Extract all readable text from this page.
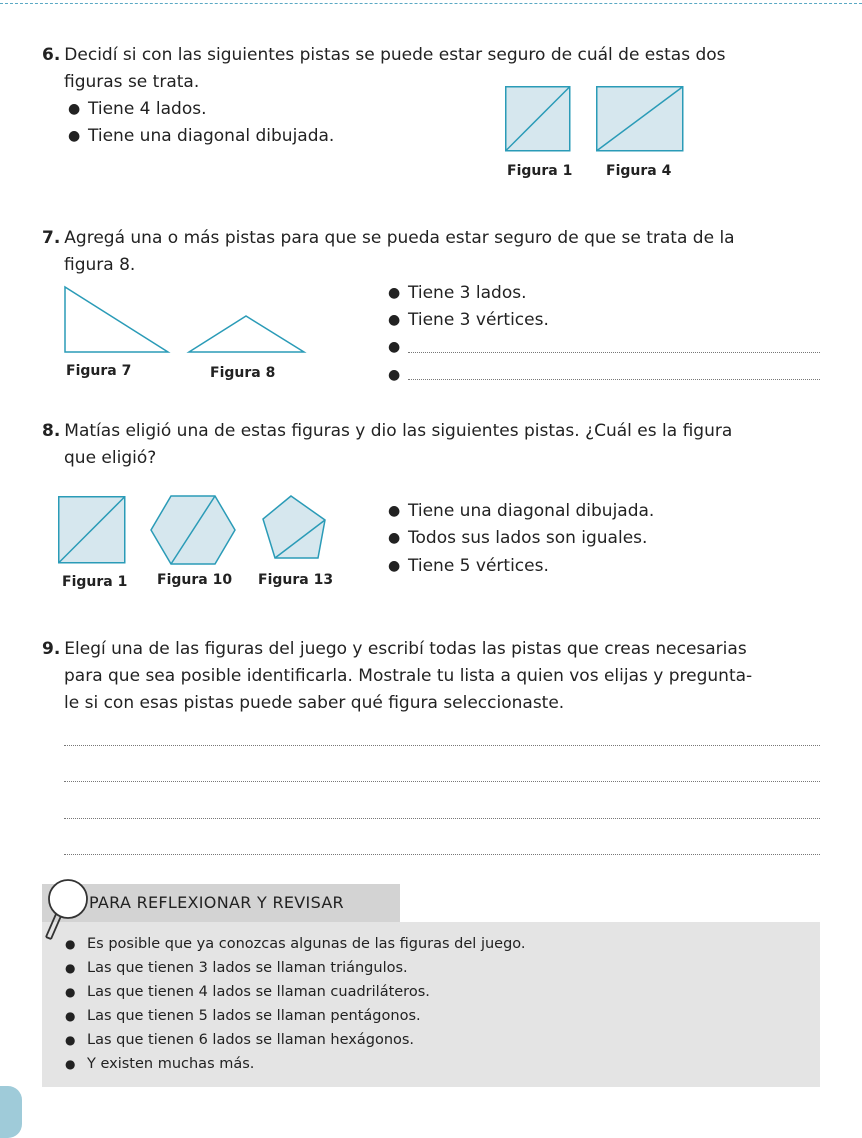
6. Decidí si con las siguientes pistas se puede estar seguro de cuál de estas dos
figuras se trata.
● Tiene 4 lados.
● Tiene una diagonal dibujada.
Figura 1 Figura 4
7. Agregá una o más pistas para que se pueda estar seguro de que se trata de la
figura 8.
Figura 7	Figura 8
● Tiene 3 lados.
● Tiene 3 vértices.
●
●
8. Matías eligió una de estas figuras y dio las siguientes pistas. ¿Cuál es la figura
que eligió?
Figura 1 Figura 10 Figura 13
● Tiene una diagonal dibujada.
● Todos sus lados son iguales.
● Tiene 5 vértices.
9. Elegí una de las figuras del juego y escribí todas las pistas que creas necesarias
para que sea posible identificarla. Mostrale tu lista a quien vos elijas y pregunta-
le si con esas pistas puede saber qué figura seleccionaste.
● Es posible que ya conozcas algunas de las figuras del juego.
● Las que tienen 3 lados se llaman triángulos.
● Las que tienen 4 lados se llaman cuadriláteros.
● Las que tienen 5 lados se llaman pentágonos.
● Las que tienen 6 lados se llaman hexágonos.
● Y existen muchas más.
PARA REFLEXIONAR Y REVISAR
